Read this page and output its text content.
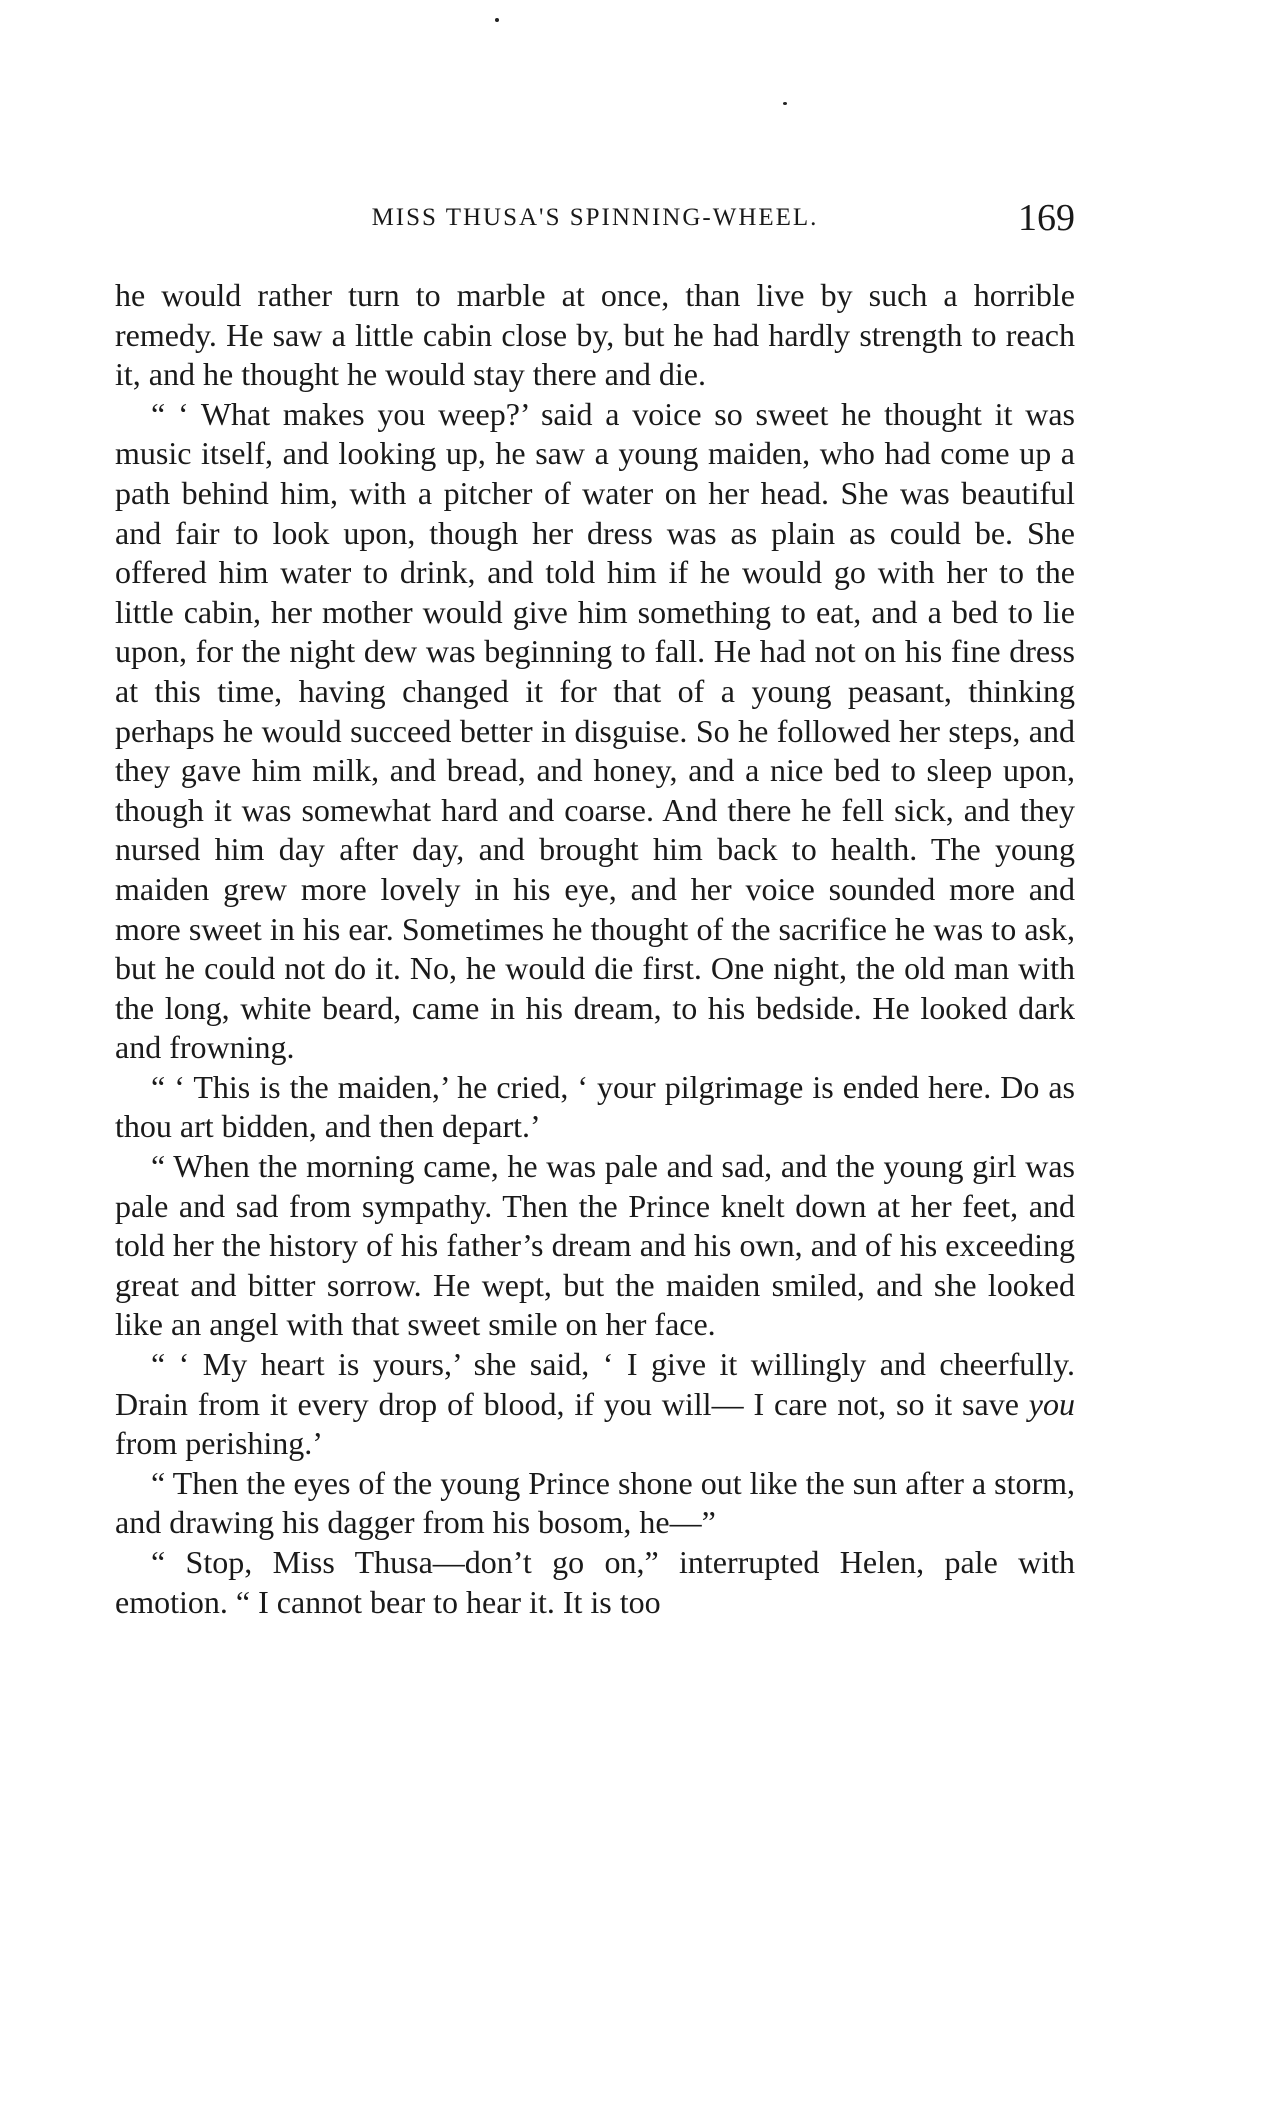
MISS THUSA'S SPINNING-WHEEL.	169

he would rather turn to marble at once, than live by such a horrible remedy. He saw a little cabin close by, but he had hardly strength to reach it, and he thought he would stay there and die.

“ ‘ What makes you weep?’ said a voice so sweet he thought it was music itself, and looking up, he saw a young maiden, who had come up a path behind him, with a pitcher of water on her head. She was beautiful and fair to look upon, though her dress was as plain as could be. She offered him water to drink, and told him if he would go with her to the little cabin, her mother would give him something to eat, and a bed to lie upon, for the night dew was beginning to fall. He had not on his fine dress at this time, having changed it for that of a young peasant, thinking perhaps he would succeed better in disguise. So he followed her steps, and they gave him milk, and bread, and honey, and a nice bed to sleep upon, though it was somewhat hard and coarse. And there he fell sick, and they nursed him day after day, and brought him back to health. The young maiden grew more lovely in his eye, and her voice sounded more and more sweet in his ear. Sometimes he thought of the sacrifice he was to ask, but he could not do it. No, he would die first. One night, the old man with the long, white beard, came in his dream, to his bedside. He looked dark and frowning.

“ ‘ This is the maiden,’ he cried, ‘ your pilgrimage is ended here. Do as thou art bidden, and then depart.’

“ When the morning came, he was pale and sad, and the young girl was pale and sad from sympathy. Then the Prince knelt down at her feet, and told her the history of his father’s dream and his own, and of his exceeding great and bitter sorrow. He wept, but the maiden smiled, and she looked like an angel with that sweet smile on her face.

“ ‘ My heart is yours,’ she said, ‘ I give it willingly and cheerfully. Drain from it every drop of blood, if you will— I care not, so it save you from perishing.’

“ Then the eyes of the young Prince shone out like the sun after a storm, and drawing his dagger from his bosom, he—”

“ Stop, Miss Thusa—don’t go on,” interrupted Helen, pale with emotion. “ I cannot bear to hear it. It is too
